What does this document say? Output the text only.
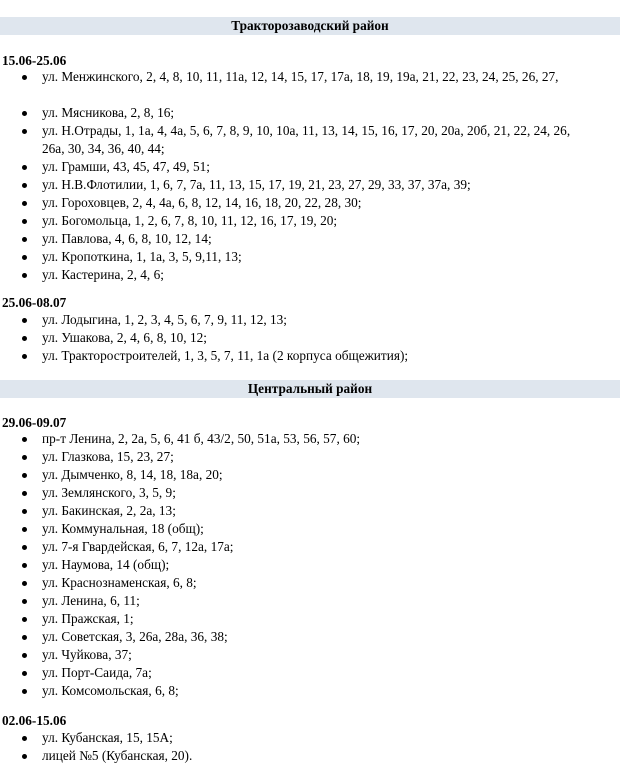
Тракторозаводский район
15.06-25.06
ул. Менжинского, 2, 4, 8, 10, 11, 11а, 12, 14, 15, 17, 17а, 18, 19, 19а, 21, 22, 23, 24, 25, 26, 27,
ул. Мясникова, 2, 8, 16;
ул. Н.Отрады, 1, 1а, 4, 4а, 5, 6, 7, 8, 9, 10, 10а, 11, 13, 14, 15, 16, 17, 20, 20а, 20б, 21, 22, 24, 26,
26а, 30, 34, 36, 40, 44;
ул. Грамши, 43, 45, 47, 49, 51;
ул. Н.В.Флотилии, 1, 6, 7, 7а, 11, 13, 15, 17, 19, 21, 23, 27, 29, 33, 37, 37а, 39;
ул. Гороховцев, 2, 4, 4а, 6, 8, 12, 14, 16, 18, 20, 22, 28, 30;
ул. Богомольца, 1, 2, 6, 7, 8, 10, 11, 12, 16, 17, 19, 20;
ул. Павлова, 4, 6, 8, 10, 12, 14;
ул. Кропоткина, 1, 1а, 3, 5, 9,11, 13;
ул. Кастерина, 2, 4, 6;
25.06-08.07
ул. Лодыгина, 1, 2, 3, 4, 5, 6, 7, 9, 11, 12, 13;
ул. Ушакова, 2, 4, 6, 8, 10, 12;
ул. Тракторостроителей, 1, 3, 5, 7, 11, 1а (2 корпуса общежития);
Центральный район
29.06-09.07
пр-т Ленина, 2, 2а, 5, 6, 41 б, 43/2, 50, 51а, 53, 56, 57, 60;
ул. Глазкова, 15, 23, 27;
ул. Дымченко, 8, 14, 18, 18а, 20;
ул. Землянского, 3, 5, 9;
ул. Бакинская, 2, 2а, 13;
ул. Коммунальная, 18 (общ);
ул. 7-я Гвардейская, 6, 7, 12а, 17а;
ул. Наумова, 14 (общ);
ул. Краснознаменская, 6, 8;
ул. Ленина, 6, 11;
ул. Пражская, 1;
ул. Советская, 3, 26а, 28а, 36, 38;
ул. Чуйкова, 37;
ул. Порт-Саида, 7а;
ул. Комсомольская, 6, 8;
02.06-15.06
ул. Кубанская, 15, 15А;
лицей №5 (Кубанская, 20).
